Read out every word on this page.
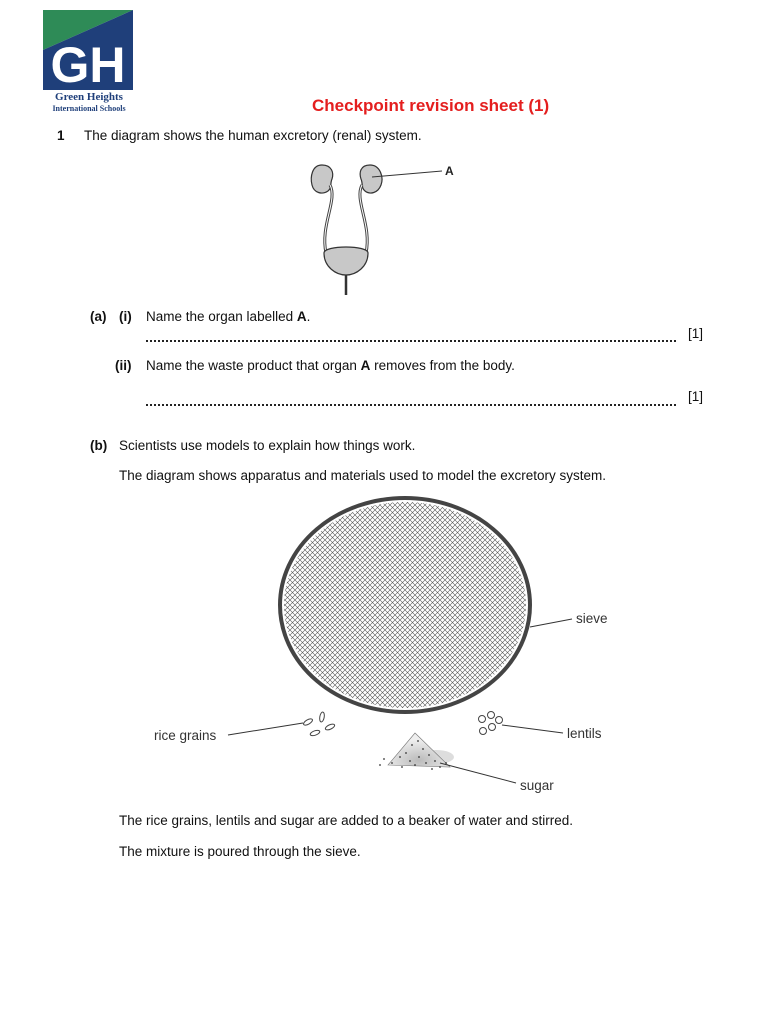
GH
Green Heights
International Schools	Checkpoint revision sheet (1)
1 The diagram shows the human excretory (renal) system.
A
(a) (i) Name the organ labelled A.
[1]
(ii) Name the waste product that organ A removes from the body.
[1]
(b) Scientists use models to explain how things work.
The diagram shows apparatus and materials used to model the excretory system.
sieve
rice grains	lentils
sugar
The rice grains, lentils and sugar are added to a beaker of water and stirred.
The mixture is poured through the sieve.
